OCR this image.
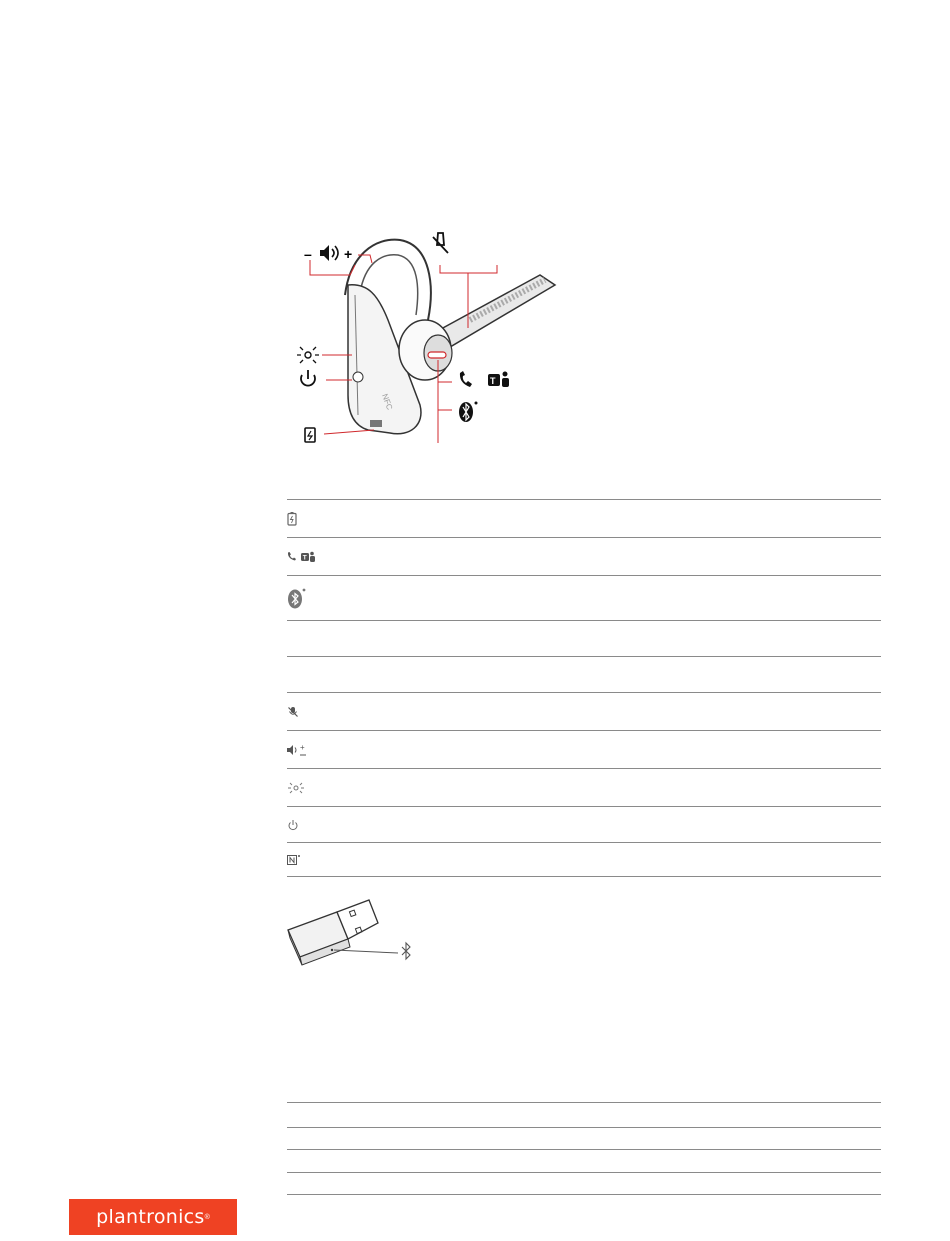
NFC
– +
T
T
+
plantronics ®
